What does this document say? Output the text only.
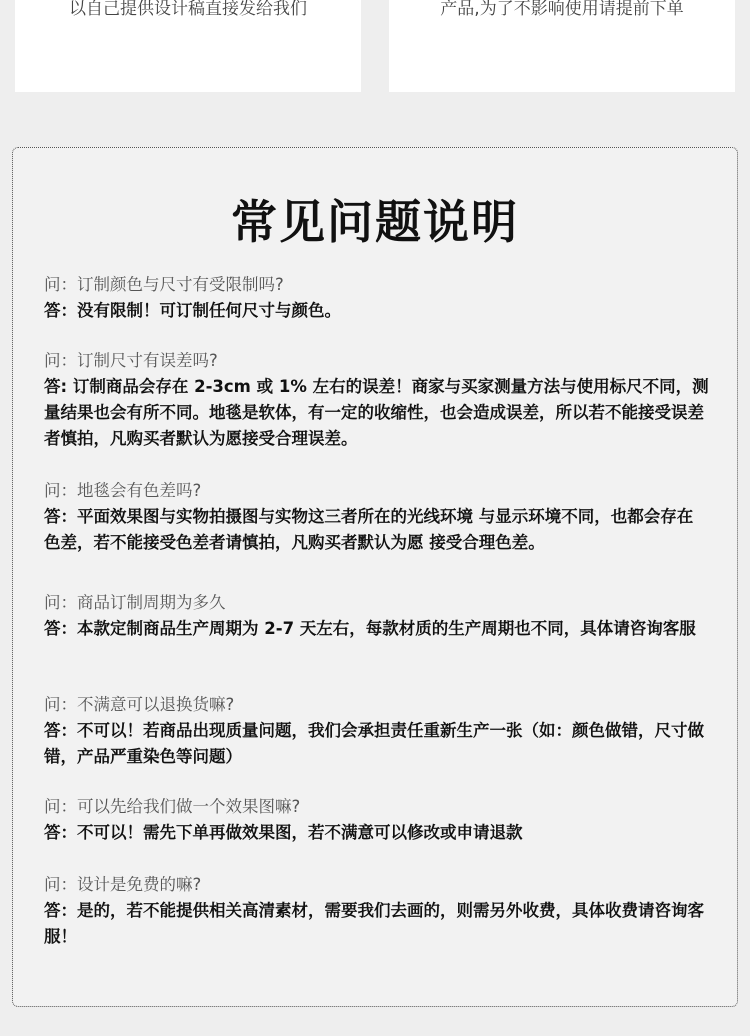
以自己提供设计稿直接发给我们	产品,为了不影响使用请提前下单
常见问题说明
问：订制颜色与尺寸有受限制吗?
答：没有限制！可订制任何尺寸与颜色。
问：订制尺寸有误差吗?
答: 订制商品会存在 2-3cm 或 1% 左右的误差！商家与买家测量方法与使用标尺不同，测量结果也会有所不同。地毯是软体，有一定的收缩性，也会造成误差，所以若不能接受误差者慎拍，凡购买者默认为愿接受合理误差。
问：地毯会有色差吗?
答：平面效果图与实物拍摄图与实物这三者所在的光线环境 与显示环境不同，也都会存在色差，若不能接受色差者请慎拍，凡购买者默认为愿 接受合理色差。
问：商品订制周期为多久
答：本款定制商品生产周期为 2-7 天左右，每款材质的生产周期也不同，具体请咨询客服
问：不满意可以退换货嘛?
答：不可以！若商品出现质量问题，我们会承担责任重新生产一张（如：颜色做错，尺寸做错，产品严重染色等问题）
问：可以先给我们做一个效果图嘛?
答：不可以！需先下单再做效果图，若不满意可以修改或申请退款
问：设计是免费的嘛?
答：是的，若不能提供相关高清素材，需要我们去画的，则需另外收费，具体收费请咨询客服！
